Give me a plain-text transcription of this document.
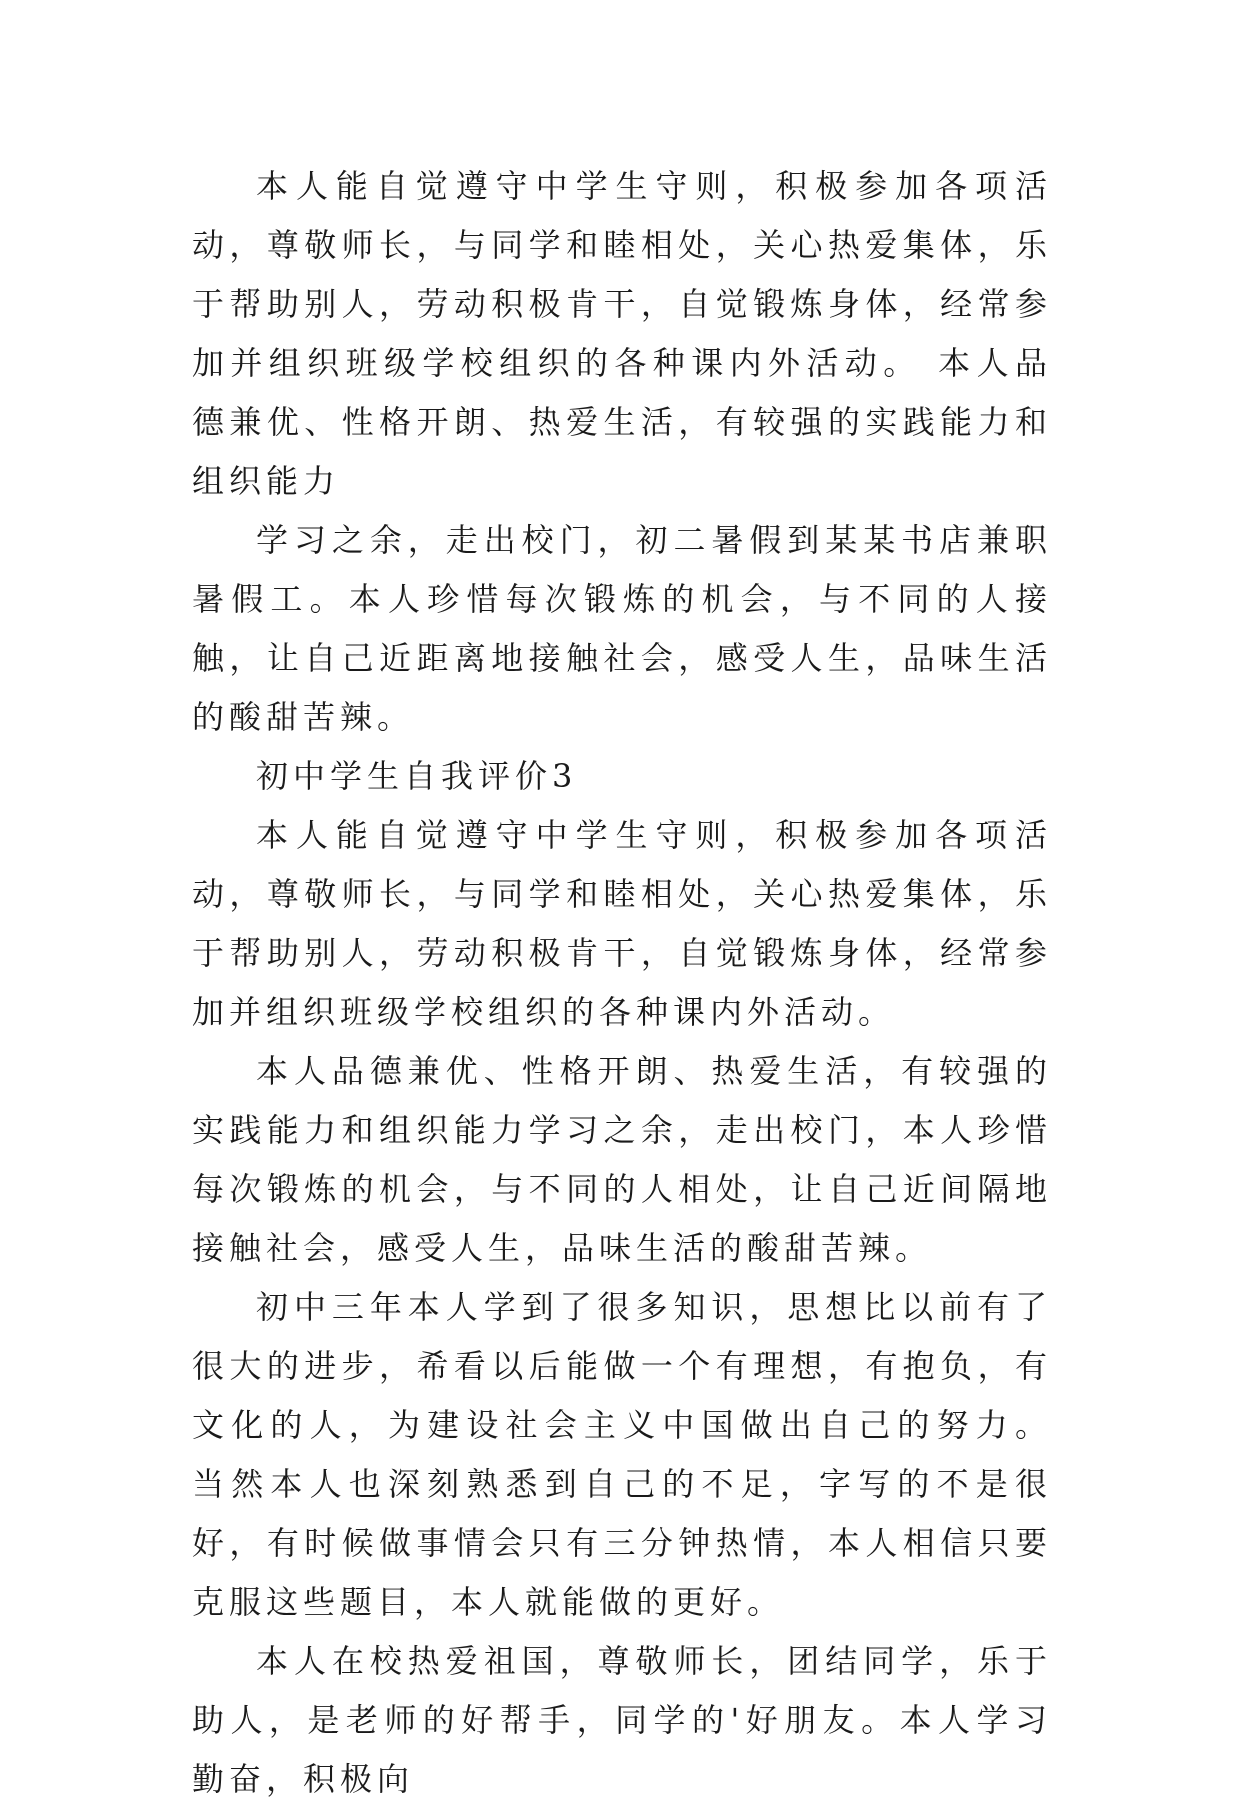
本人能自觉遵守中学生守则，积极参加各项活动，尊敬师长，与同学和睦相处，关心热爱集体，乐于帮助别人，劳动积极肯干，自觉锻炼身体，经常参加并组织班级学校组织的各种课内外活动。 本人品德兼优、性格开朗、热爱生活，有较强的实践能力和组织能力

学习之余，走出校门，初二暑假到某某书店兼职暑假工。本人珍惜每次锻炼的机会，与不同的人接触，让自己近距离地接触社会，感受人生，品味生活的酸甜苦辣。

初中学生自我评价3

本人能自觉遵守中学生守则，积极参加各项活动，尊敬师长，与同学和睦相处，关心热爱集体，乐于帮助别人，劳动积极肯干，自觉锻炼身体，经常参加并组织班级学校组织的各种课内外活动。

本人品德兼优、性格开朗、热爱生活，有较强的实践能力和组织能力学习之余，走出校门，本人珍惜每次锻炼的机会，与不同的人相处，让自己近间隔地接触社会，感受人生，品味生活的酸甜苦辣。

初中三年本人学到了很多知识，思想比以前有了很大的进步，希看以后能做一个有理想，有抱负，有文化的人，为建设社会主义中国做出自己的努力。 当然本人也深刻熟悉到自己的不足，字写的不是很好，有时候做事情会只有三分钟热情，本人相信只要克服这些题目，本人就能做的更好。

本人在校热爱祖国，尊敬师长，团结同学，乐于助人，是老师的好帮手，同学的'好朋友。本人学习勤奋，积极向
